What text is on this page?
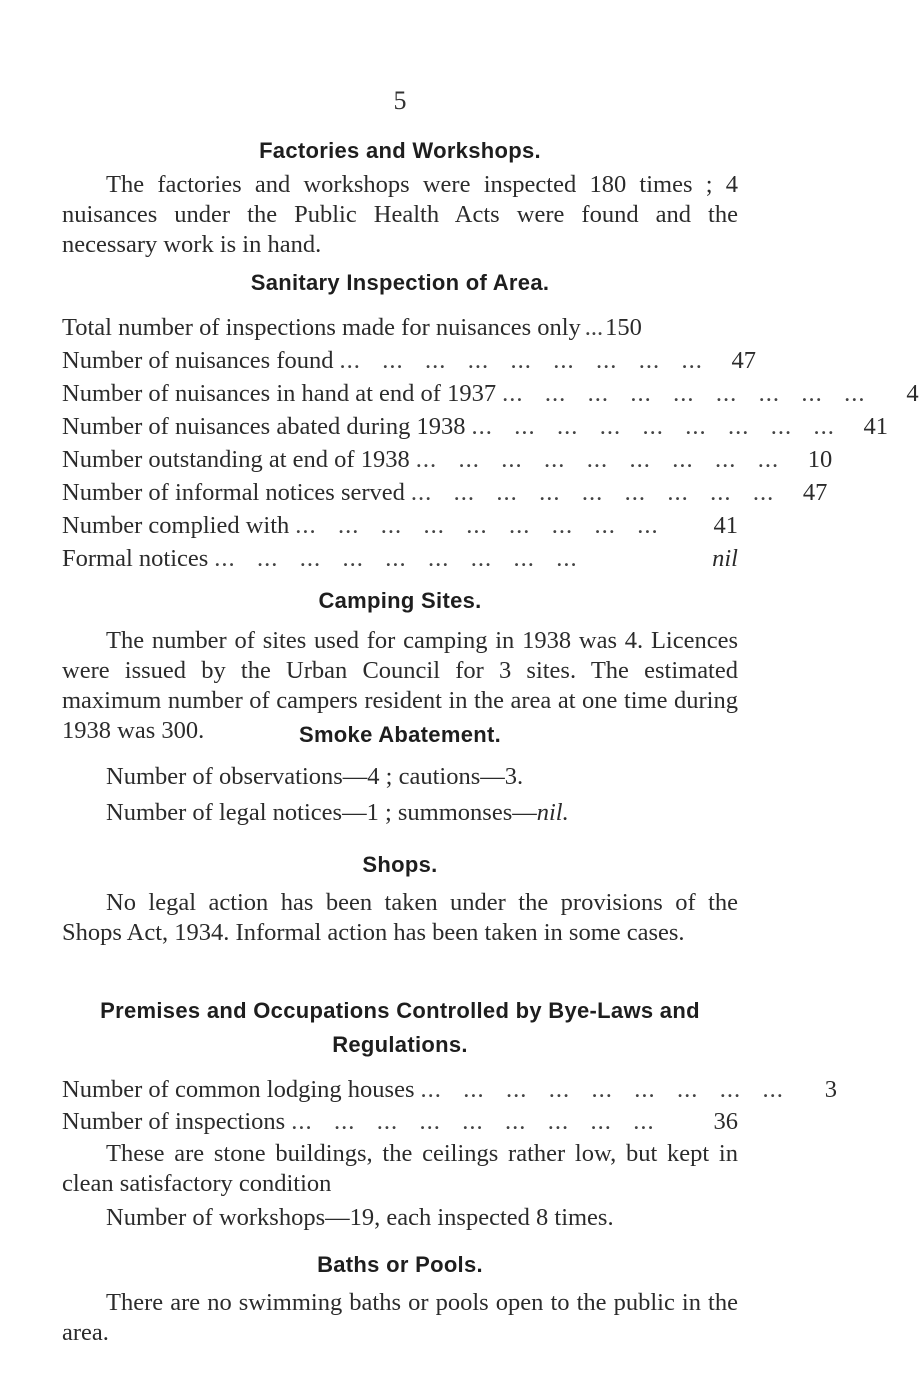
5
Factories and Workshops.

The factories and workshops were inspected 180 times ; 4 nuisances under the Public Health Acts were found and the necessary work is in hand.

Sanitary Inspection of Area.
Total number of inspections made for nuisances only ... 150
Number of nuisances found ...   ...   ...   ...   ...   ...   ...   ...   ... 47
Number of nuisances in hand at end of 1937 ...   ...   ...   ...   ...   ...   ...   ...   ...	4
Number of nuisances abated during 1938 ...   ...   ...   ...   ...   ...   ...   ...   ... 41
Number outstanding at end of 1938 ...   ...   ...   ...   ...   ...   ...   ...   ... 10
Number of informal notices served ...   ...   ...   ...   ...   ...   ...   ...   ... 47
Number complied with ...   ...   ...   ...   ...   ...   ...   ...   ...	41
Formal notices ...   ...   ...   ...   ...   ...   ...   ...   ...	nil
Camping Sites.

The number of sites used for camping in 1938 was 4. Licences were issued by the Urban Council for 3 sites. The estimated maximum number of campers resident in the area at one time during 1938 was 300.	Smoke Abatement.
Number of observations—4 ; cautions—3.
Number of legal notices—1 ; summonses—nil.
Shops.

No legal action has been taken under the provisions of the Shops Act, 1934. Informal action has been taken in some cases.

Premises and Occupations Controlled by Bye-Laws and
Regulations.
Number of common lodging houses ...   ...   ...   ...   ...   ...   ...   ...   ...	3
Number of inspections ...   ...   ...   ...   ...   ...   ...   ...   ...	36

These are stone buildings, the ceilings rather low, but kept in clean satisfactory condition

Number of workshops—19, each inspected 8 times.
Baths or Pools.

There are no swimming baths or pools open to the public in the area.
